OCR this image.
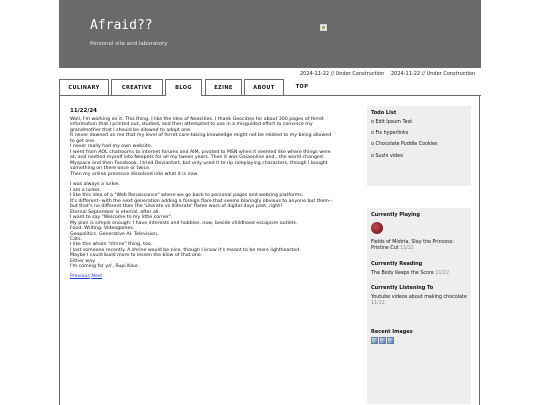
Afraid??
Personal site and laboratory
2024-11-22 // Under Construction 2024-11-22 // Under Construction
CULINARY	CREATIVE	BLOG	EZINE	ABOUT	TOP
11/22/24

Well, I'm working on it. This thing. I like the idea of Neocities. I thank Geocities for about 300 pages of ferret

information that I printed out, studied, and then attempted to use in a misguided effort to convince my

grandmother that I should be allowed to adopt one.

It never dawned on me that my level of ferret care-taking knowledge might not be related to my being allowed

to get one.

I never really had my own website.

I went from AOL chatrooms to internet forums and AIM, pivoted to MSN when it seemed like where things were

at, and nestled myself into Neopets for all my tween years. Then it was Gaiaonline and...the world changed.

Myspace and then Facebook. I tried Deviantart, but only used it to rip roleplaying characters, though I bought

something on there once or twice.

Then my online presence dissolved into what it is now.

I was always a lurker.

I am a lurker.

I like this idea of a "Web Renaissance" where we go back to personal pages and webring platforms.

It's different--with the next generation adding a foreign flare that seems blaringly obvious to anyone but them--

but that's no different than the 'Literate vs Illiterate' flame wars of digital days past, right?

Eternal September is eternal, after all.

I want to say "Welcome to my little corner".

My plan is simple enough: I have interests and hobbies, now, beside childhood escapism outlets.

Food. Writing. Videogames.

Geopolitics. Generative AI. Television.

Cats.

I like this whole "shrine" thing, too.

I lost someone recently. A shrine would be nice, though I know it's meant to be more lighthearted.

Maybe I could build more to lessen the blow of that one.

Either way.

I'm coming for ya', Rupi Kaur.

Previous Next
Todo List
o Edit Ipsum Text
o Fix hyperlinks
o Chocolate Puddle Cookies
o Sushi video
Currently Playing
Fields of Mistria, Slay the Princess: Pristine Cut 11/22
Currently Reading
The Body Keeps the Score 11/22
Currently Listening To
Youtube videos about making chocolate 11/22
Recent Images
